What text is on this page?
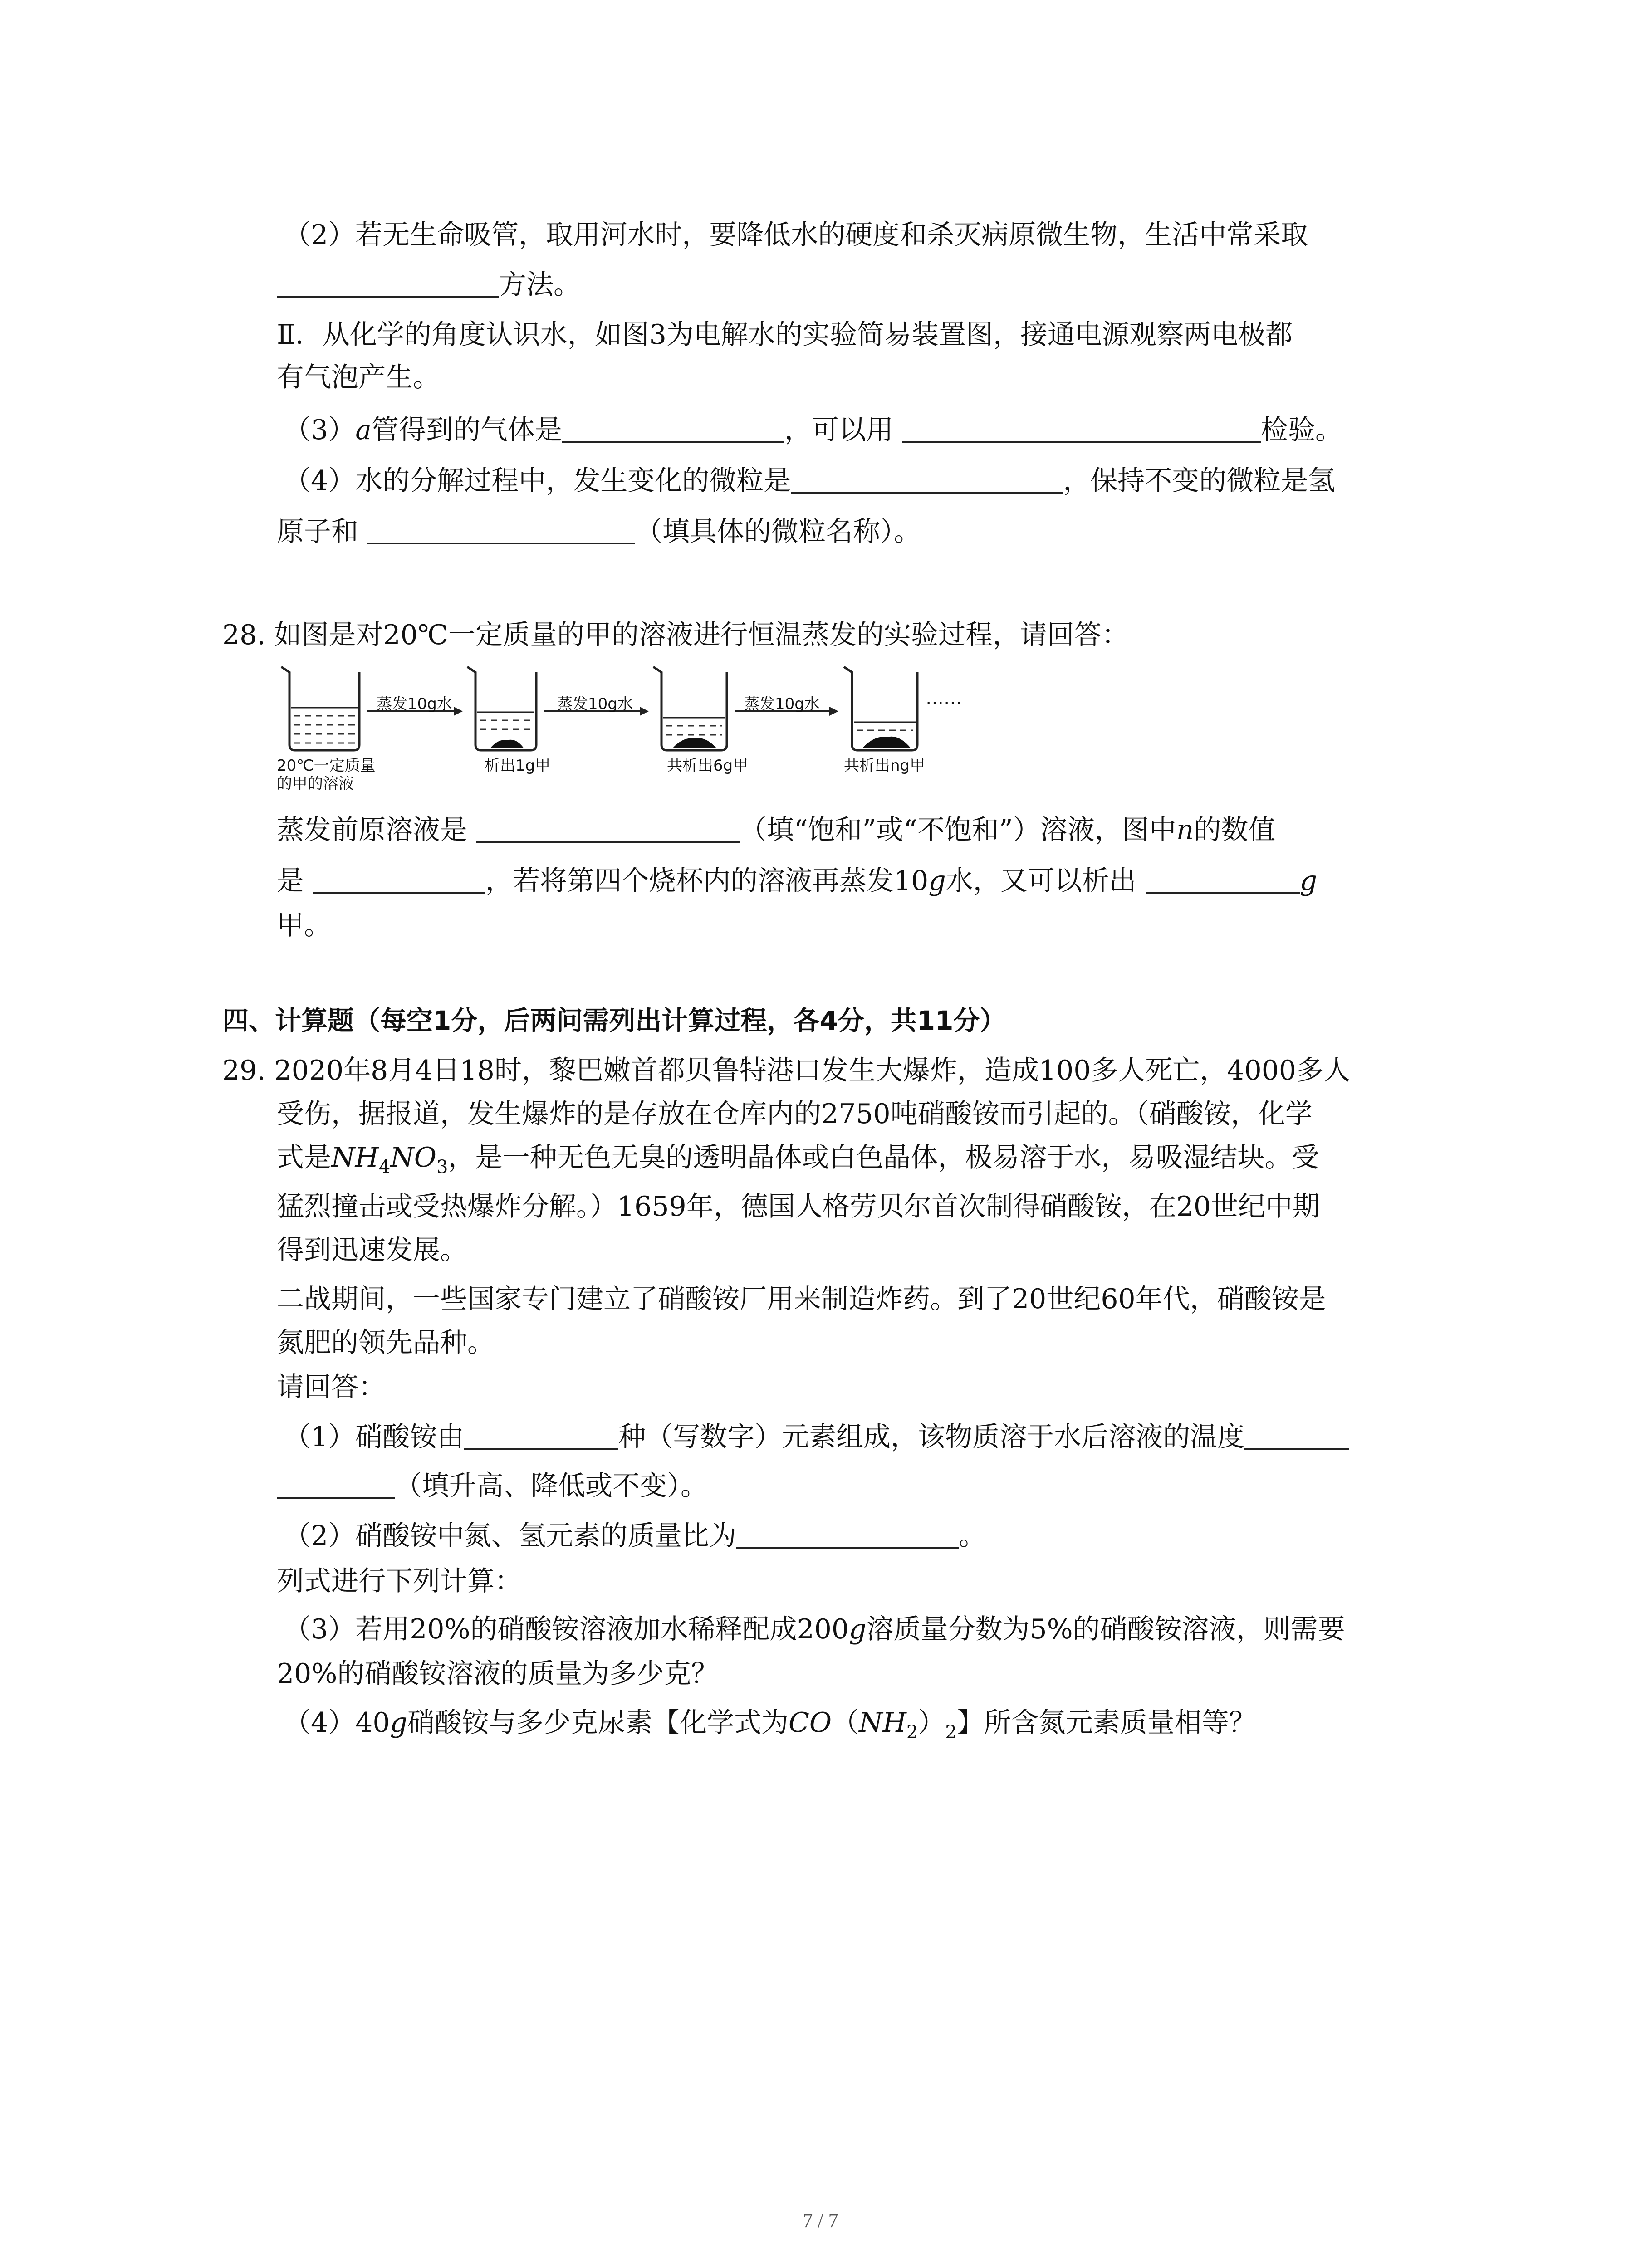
（2）若无生命吸管，取用河水时，要降低水的硬度和杀灭病原微生物，生活中常采取
方法。
Ⅱ．从化学的角度认识水，如图3为电解水的实验简易装置图，接通电源观察两电极都
有气泡产生。
（3）a管得到的气体是	，可以用	检验。
（4）水的分解过程中，发生变化的微粒是	，保持不变的微粒是氢
原子和	（填具体的微粒名称）。
28. 如图是对20℃一定质量的甲的溶液进行恒温蒸发的实验过程，请回答：
蒸发10g水	蒸发10g水	蒸发10g水	……
20℃一定质量
的甲的溶液
析出1g甲	共析出6g甲	共析出ng甲
蒸发前原溶液是	（填“饱和”或“不饱和”）溶液，图中n的数值
是	，若将第四个烧杯内的溶液再蒸发10g水，又可以析出	g
甲。
四、计算题（每空1分，后两问需列出计算过程，各4分，共11分）
29. 2020年8月4日18时，黎巴嫩首都贝鲁特港口发生大爆炸，造成100多人死亡，4000多人
受伤，据报道，发生爆炸的是存放在仓库内的2750吨硝酸铵而引起的。（硝酸铵，化学
式是$NH_4NO_3$，是一种无色无臭的透明晶体或白色晶体，极易溶于水，易吸湿结块。受
猛烈撞击或受热爆炸分解。）1659年，德国人格劳贝尔首次制得硝酸铵，在20世纪中期
得到迅速发展。
二战期间，一些国家专门建立了硝酸铵厂用来制造炸药。到了20世纪60年代，硝酸铵是
氮肥的领先品种。
请回答：
（1）硝酸铵由	种（写数字）元素组成，该物质溶于水后溶液的温度
（填升高、降低或不变）。
（2）硝酸铵中氮、氢元素的质量比为	。
列式进行下列计算：
（3）若用20%的硝酸铵溶液加水稀释配成200g溶质量分数为5%的硝酸铵溶液，则需要
20%的硝酸铵溶液的质量为多少克？
（4）40g硝酸铵与多少克尿素【化学式为$CO(NH_2)_2$】所含氮元素质量相等？
7 / 7
